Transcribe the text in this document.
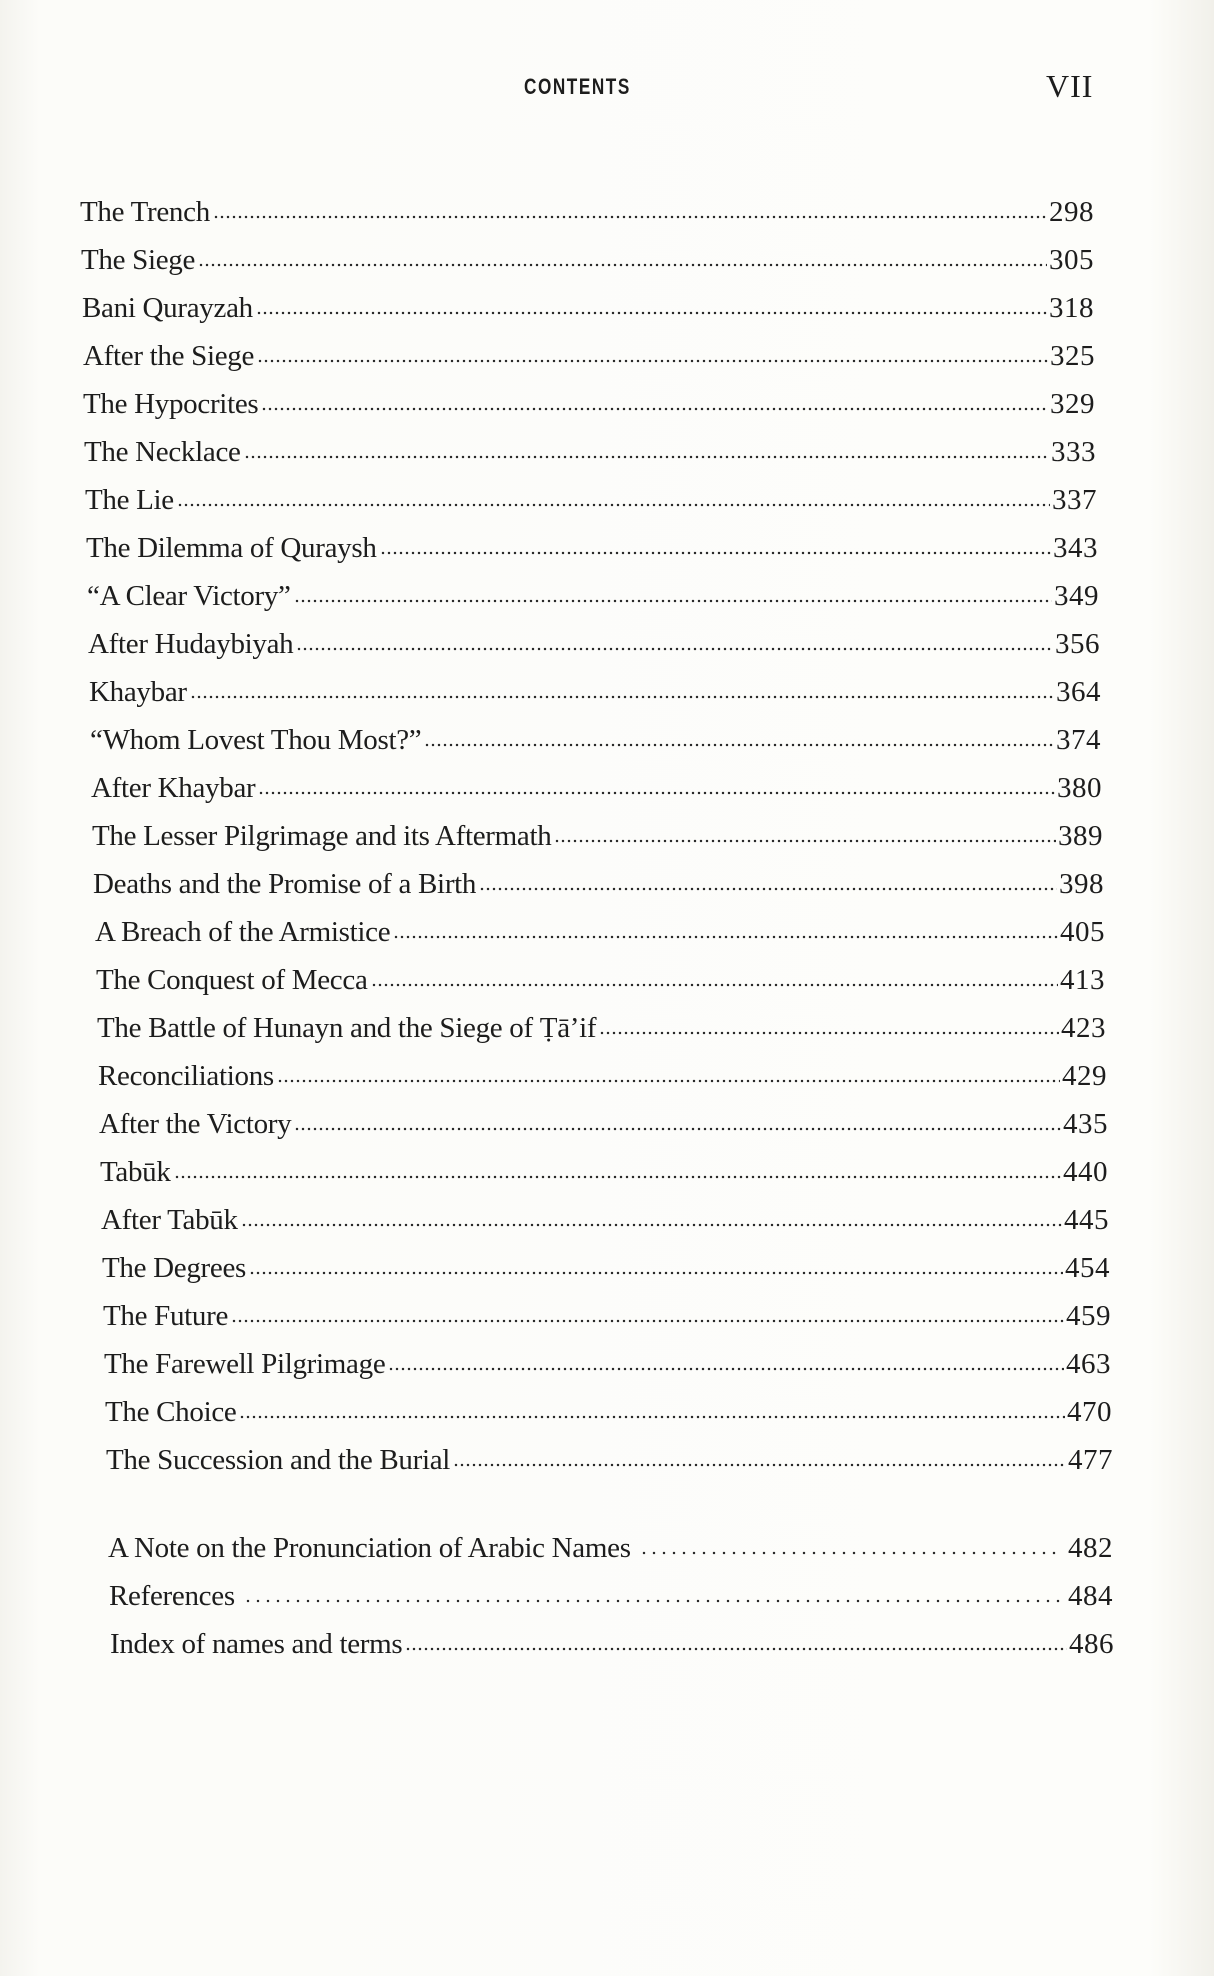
CONTENTS	VII
The Trench	298
The Siege	305
Bani Qurayzah	318
After the Siege	325
The Hypocrites	329
The Necklace	333
The Lie	337
The Dilemma of Quraysh	343
“A Clear Victory”	349
After Hudaybiyah	356
Khaybar	364
“Whom Lovest Thou Most?”	374
After Khaybar	380
The Lesser Pilgrimage and its Aftermath	389
Deaths and the Promise of a Birth	398
A Breach of the Armistice	405
The Conquest of Mecca	413
The Battle of Hunayn and the Siege of Ṭā’if	423
Reconciliations	429
After the Victory	435
Tabūk	440
After Tabūk	445
The Degrees	454
The Future	459
The Farewell Pilgrimage	463
The Choice	470
The Succession and the Burial	477
A Note on the Pronunciation of Arabic Names	482
References	484
Index of names and terms	486
